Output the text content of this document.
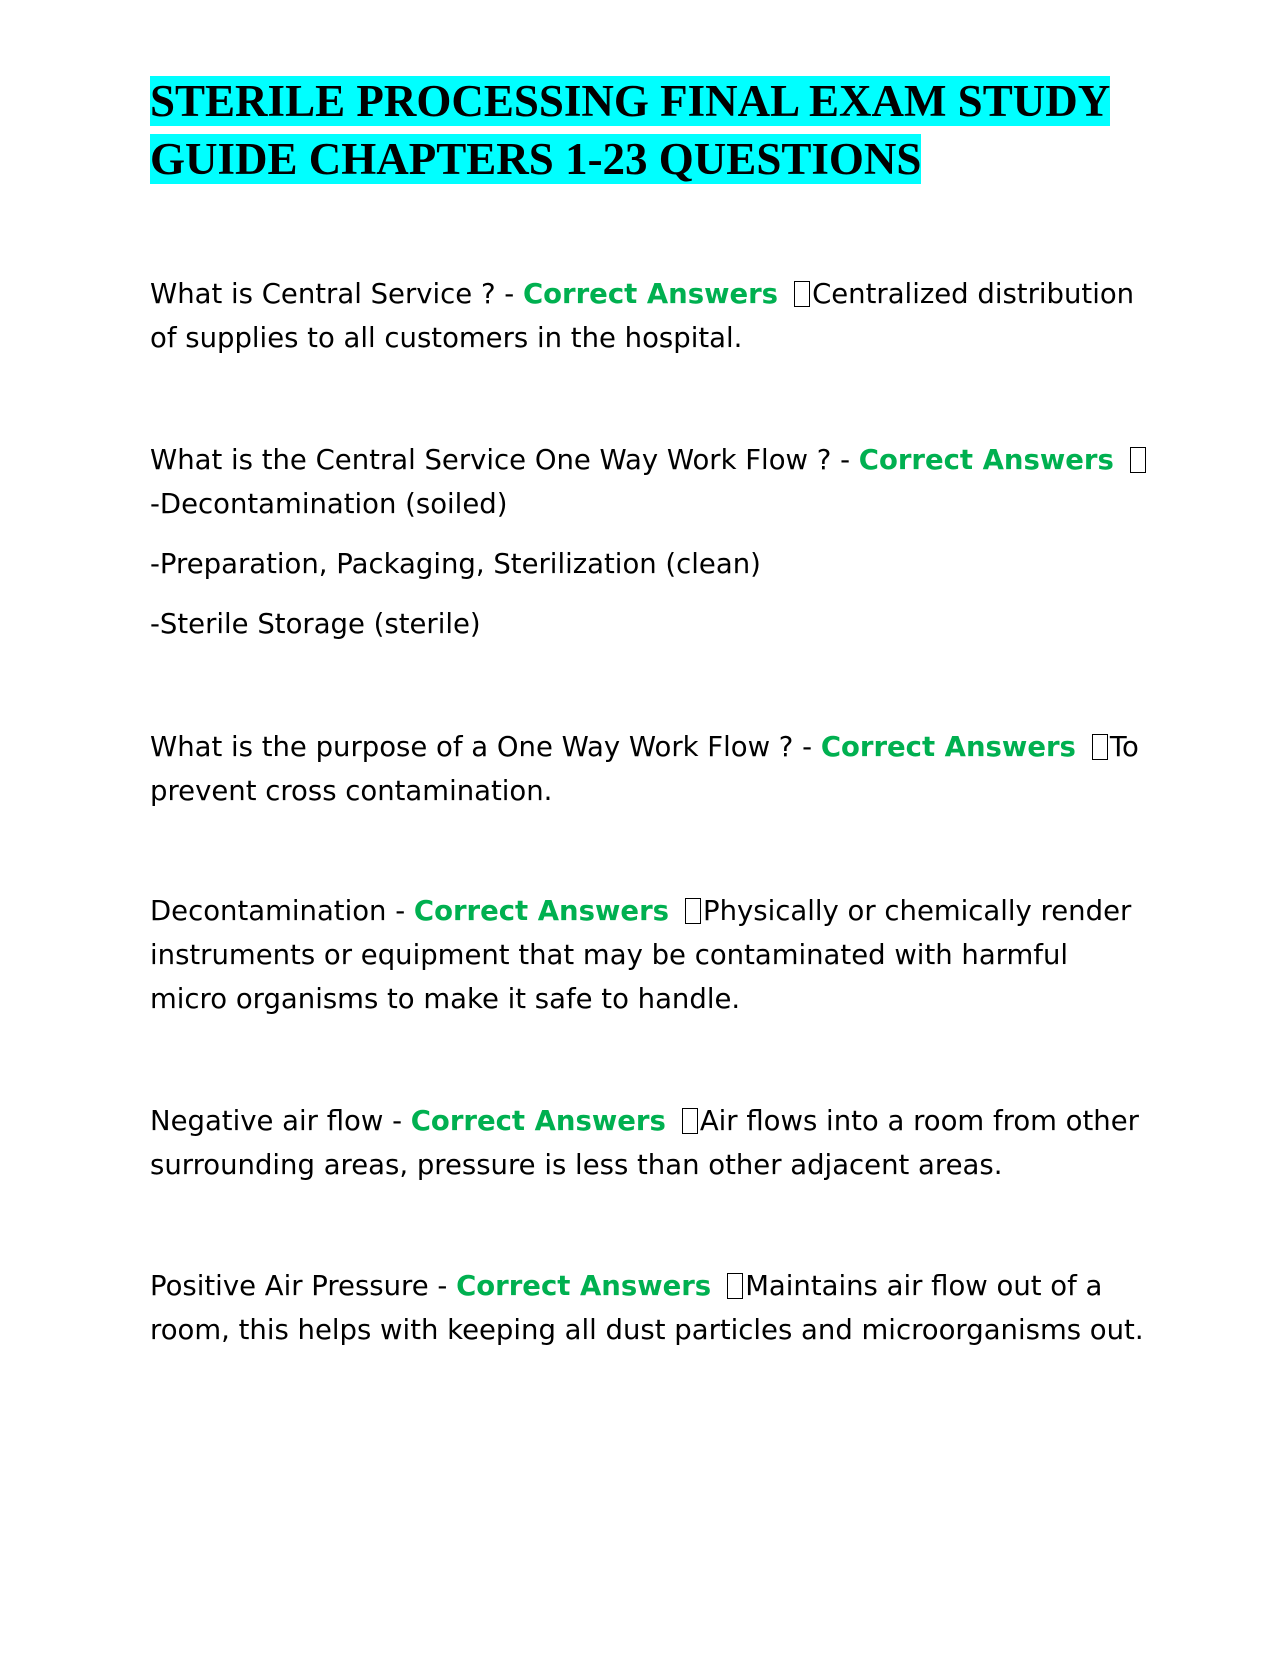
STERILE PROCESSING FINAL EXAM STUDY GUIDE CHAPTERS 1-23 QUESTIONS

What is Central Service ? - Correct Answers Centralized distribution of supplies to all customers in the hospital.

What is the Central Service One Way Work Flow ? - Correct Answers-Decontamination (soiled)

-Preparation, Packaging, Sterilization (clean)

-Sterile Storage (sterile)

What is the purpose of a One Way Work Flow ? - Correct Answers To prevent cross contamination.

Decontamination - Correct Answers Physically or chemically render instruments or equipment that may be contaminated with harmful micro organisms to make it safe to handle.

Negative air flow - Correct Answers Air flows into a room from other surrounding areas, pressure is less than other adjacent areas.

Positive Air Pressure - Correct Answers Maintains air flow out of a room, this helps with keeping all dust particles and microorganisms out.
